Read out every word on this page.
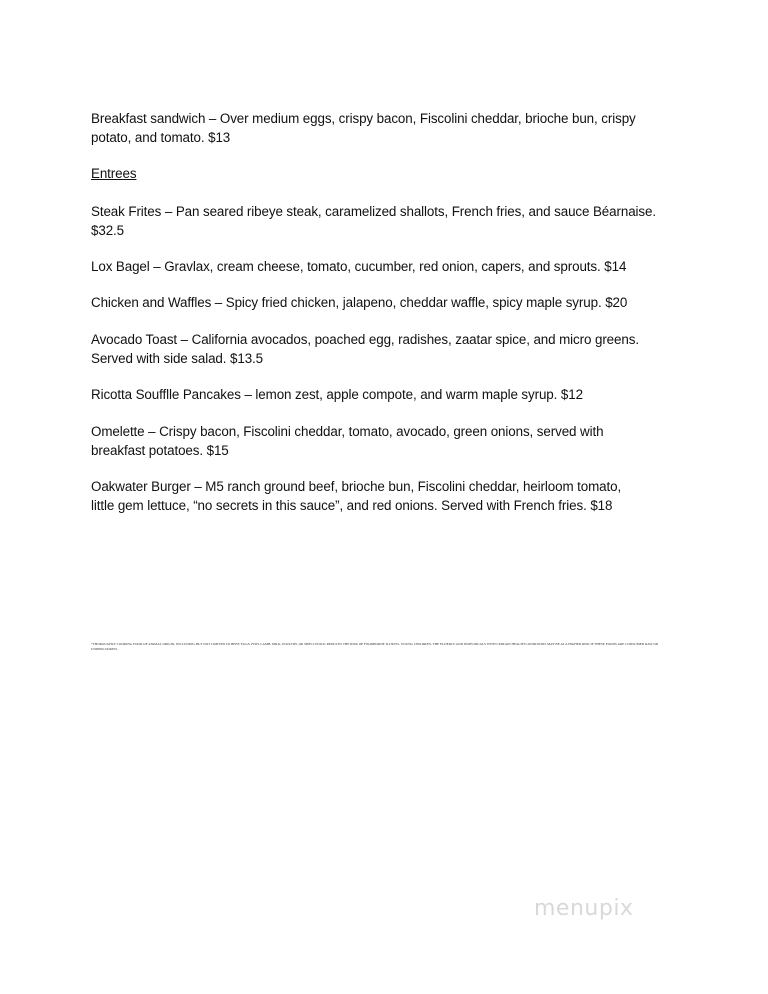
Breakfast sandwich – Over medium eggs, crispy bacon, Fiscolini cheddar, brioche bun, crispy

potato, and tomato. $13

Entrees

Steak Frites – Pan seared ribeye steak, caramelized shallots, French fries, and sauce Béarnaise.

$32.5

Lox Bagel – Gravlax, cream cheese, tomato, cucumber, red onion, capers, and sprouts. $14

Chicken and Waffles – Spicy fried chicken, jalapeno, cheddar waffle, spicy maple syrup. $20

Avocado Toast – California avocados, poached egg, radishes, zaatar spice, and micro greens.

Served with side salad. $13.5

Ricotta Soufflle Pancakes – lemon zest, apple compote, and warm maple syrup. $12

Omelette – Crispy bacon, Fiscolini cheddar, tomato, avocado, green onions, served with

breakfast potatoes. $15

Oakwater Burger – M5 ranch ground beef, brioche bun, Fiscolini cheddar, heirloom tomato,

little gem lettuce, “no secrets in this sauce”, and red onions. Served with French fries. $18

*THOROUGHLY COOKING FOOD OF ANIMAL ORIGIN, INCLUDING BUT NOT LIMITED TO BEEF, EGGS, FISH, LAMB, MILK, POULTRY, OR SHELLSTOCK REDUCES THE RISK OF FOODBORNE ILLNESS. YOUNG CHILDREN, THE ELDERLY AND INDIVIDUALS WITH CERTAIN HEALTH CONDITIONS MAY BE AT A HIGHER RISK IF THESE FOODS ARE CONSUMED RAW OR UNDERCOOKED.
menupix
